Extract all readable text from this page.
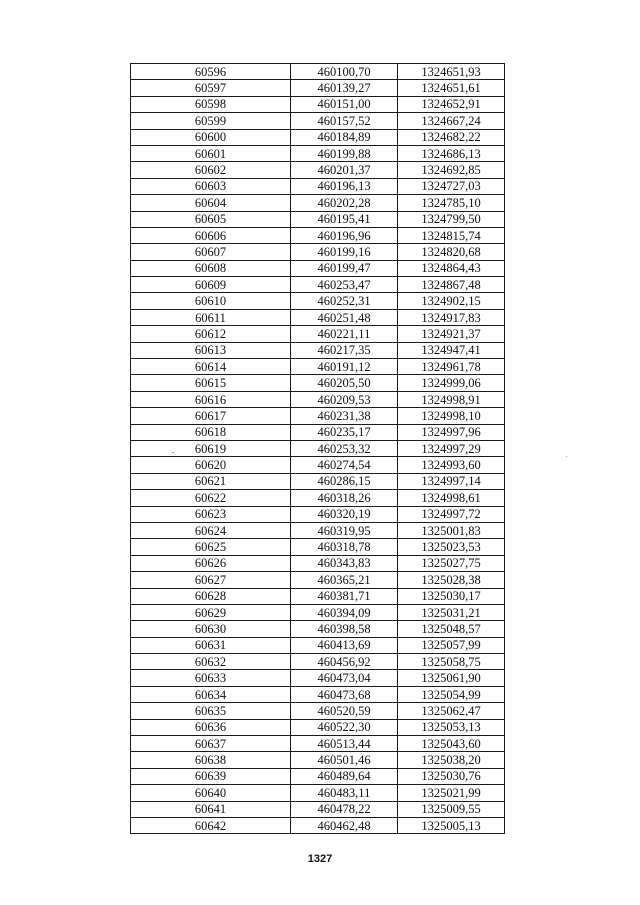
60596	460100,70	1324651,93
60597	460139,27	1324651,61
60598	460151,00	1324652,91
60599	460157,52	1324667,24
60600	460184,89	1324682,22
60601	460199,88	1324686,13
60602	460201,37	1324692,85
60603	460196,13	1324727,03
60604	460202,28	1324785,10
60605	460195,41	1324799,50
60606	460196,96	1324815,74
60607	460199,16	1324820,68
60608	460199,47	1324864,43
60609	460253,47	1324867,48
60610	460252,31	1324902,15
60611	460251,48	1324917,83
60612	460221,11	1324921,37
60613	460217,35	1324947,41
60614	460191,12	1324961,78
60615	460205,50	1324999,06
60616	460209,53	1324998,91
60617	460231,38	1324998,10
60618	460235,17	1324997,96
60619	460253,32	1324997,29
60620	460274,54	1324993,60
60621	460286,15	1324997,14
60622	460318,26	1324998,61
60623	460320,19	1324997,72
60624	460319,95	1325001,83
60625	460318,78	1325023,53
60626	460343,83	1325027,75
60627	460365,21	1325028,38
60628	460381,71	1325030,17
60629	460394,09	1325031,21
60630	460398,58	1325048,57
60631	460413,69	1325057,99
60632	460456,92	1325058,75
60633	460473,04	1325061,90
60634	460473,68	1325054,99
60635	460520,59	1325062,47
60636	460522,30	1325053,13
60637	460513,44	1325043,60
60638	460501,46	1325038,20
60639	460489,64	1325030,76
60640	460483,11	1325021,99
60641	460478,22	1325009,55
60642	460462,48	1325005,13
1327
